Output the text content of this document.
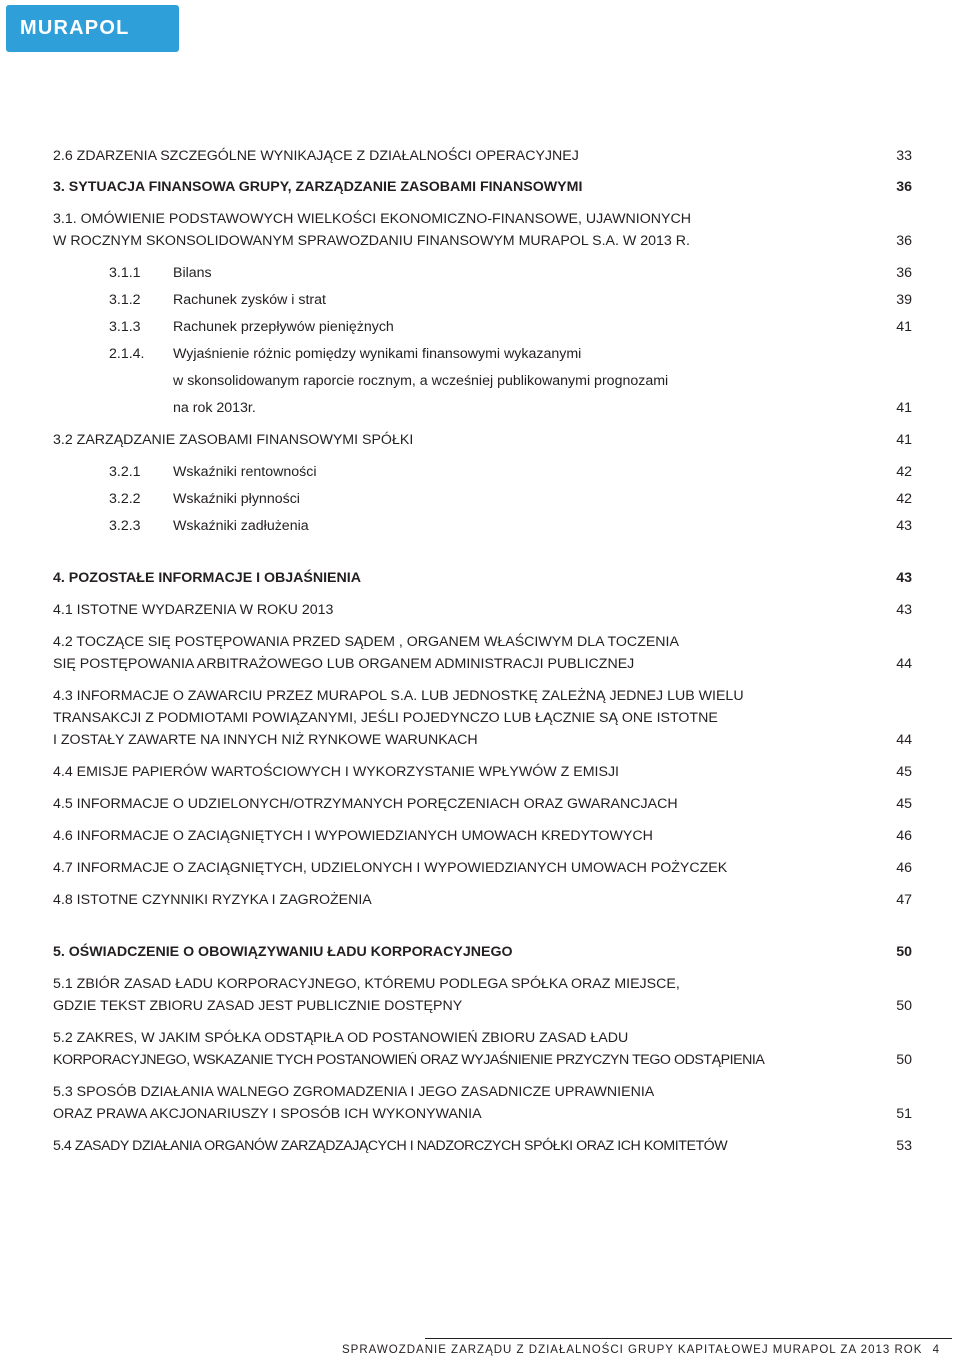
MURAPOL S.A.
2.6 ZDARZENIA SZCZEGÓLNE WYNIKAJĄCE Z DZIAŁALNOŚCI OPERACYJNEJ	33
3. SYTUACJA FINANSOWA GRUPY, ZARZĄDZANIE ZASOBAMI FINANSOWYMI	36
3.1. OMÓWIENIE PODSTAWOWYCH WIELKOŚCI EKONOMICZNO-FINANSOWE, UJAWNIONYCH
W ROCZNYM SKONSOLIDOWANYM SPRAWOZDANIU FINANSOWYM MURAPOL S.A. W 2013 R.	36
3.1.1 Bilans	36
3.1.2 Rachunek zysków i strat	39
3.1.3 Rachunek przepływów pieniężnych	41
2.1.4. Wyjaśnienie różnic pomiędzy wynikami finansowymi wykazanymi
w skonsolidowanym raporcie rocznym, a wcześniej publikowanymi prognozami
na rok 2013r.	41
3.2 ZARZĄDZANIE ZASOBAMI FINANSOWYMI SPÓŁKI	41
3.2.1 Wskaźniki rentowności	42
3.2.2 Wskaźniki płynności	42
3.2.3 Wskaźniki zadłużenia	43
4. POZOSTAŁE INFORMACJE I OBJAŚNIENIA	43
4.1 ISTOTNE WYDARZENIA W ROKU 2013	43
4.2 TOCZĄCE SIĘ POSTĘPOWANIA PRZED SĄDEM , ORGANEM WŁAŚCIWYM DLA TOCZENIA
SIĘ POSTĘPOWANIA ARBITRAŻOWEGO LUB ORGANEM ADMINISTRACJI PUBLICZNEJ	44
4.3 INFORMACJE O ZAWARCIU PRZEZ MURAPOL S.A. LUB JEDNOSTKĘ ZALEŻNĄ JEDNEJ LUB WIELU
TRANSAKCJI Z PODMIOTAMI POWIĄZANYMI, JEŚLI POJEDYNCZO LUB ŁĄCZNIE SĄ ONE ISTOTNE
I ZOSTAŁY ZAWARTE NA INNYCH NIŻ RYNKOWE WARUNKACH	44
4.4 EMISJE PAPIERÓW WARTOŚCIOWYCH I WYKORZYSTANIE WPŁYWÓW Z EMISJI	45
4.5 INFORMACJE O UDZIELONYCH/OTRZYMANYCH PORĘCZENIACH ORAZ GWARANCJACH	45
4.6 INFORMACJE O ZACIĄGNIĘTYCH I WYPOWIEDZIANYCH UMOWACH KREDYTOWYCH	46
4.7 INFORMACJE O ZACIĄGNIĘTYCH, UDZIELONYCH I WYPOWIEDZIANYCH UMOWACH POŻYCZEK	46
4.8 ISTOTNE CZYNNIKI RYZYKA I ZAGROŻENIA	47
5. OŚWIADCZENIE O OBOWIĄZYWANIU ŁADU KORPORACYJNEGO	50
5.1 ZBIÓR ZASAD ŁADU KORPORACYJNEGO, KTÓREMU PODLEGA SPÓŁKA ORAZ MIEJSCE,
GDZIE TEKST ZBIORU ZASAD JEST PUBLICZNIE DOSTĘPNY	50
5.2 ZAKRES, W JAKIM SPÓŁKA ODSTĄPIŁA OD POSTANOWIEŃ ZBIORU ZASAD ŁADU
KORPORACYJNEGO, WSKAZANIE TYCH POSTANOWIEŃ ORAZ WYJAŚNIENIE PRZYCZYN TEGO ODSTĄPIENIA	50
5.3 SPOSÓB DZIAŁANIA WALNEGO ZGROMADZENIA I JEGO ZASADNICZE UPRAWNIENIA
ORAZ PRAWA AKCJONARIUSZY I SPOSÓB ICH WYKONYWANIA	51
5.4 ZASADY DZIAŁANIA ORGANÓW ZARZĄDZAJĄCYCH I NADZORCZYCH SPÓŁKI ORAZ ICH KOMITETÓW	53
SPRAWOZDANIE ZARZĄDU Z DZIAŁALNOŚCI GRUPY KAPITAŁOWEJ MURAPOL ZA 2013 ROK 4
